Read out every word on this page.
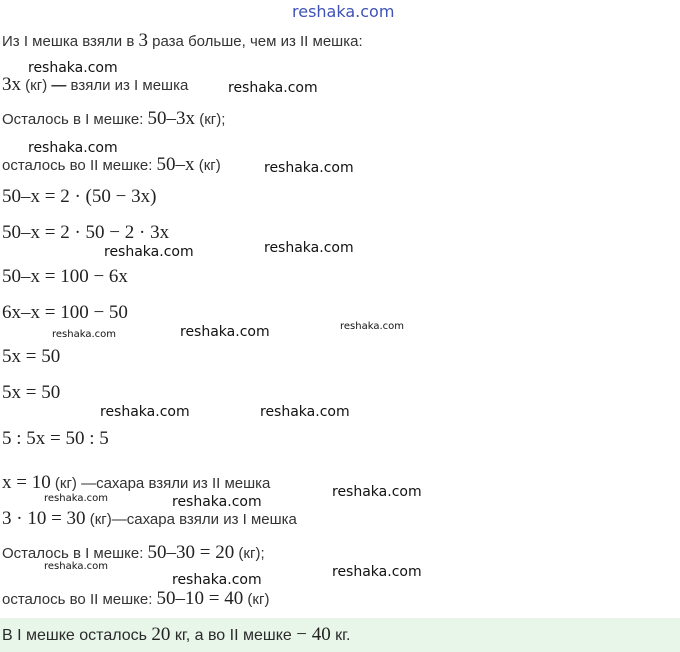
reshaka.com
Из I мешка взяли в 3 раза больше, чем из II мешка:
3x (кг) — взяли из I мешка
Осталось в I мешке: 50–3x (кг);
осталось во II мешке: 50–x (кг)
50–x = 2 · (50 − 3x)
50–x = 2 · 50 − 2 · 3x
50–x = 100 − 6x
6x–x = 100 − 50
5x = 50
5x = 50
5 : 5x = 50 : 5
x = 10 (кг) —сахара взяли из II мешка
3 · 10 = 30 (кг)—сахара взяли из I мешка
Осталось в I мешке: 50–30 = 20 (кг);
осталось во II мешке: 50–10 = 40 (кг)
В I мешке осталось 20 кг, а во II мешке − 40 кг.
reshaka.com
reshaka.com
reshaka.com
reshaka.com
reshaka.com
reshaka.com
reshaka.com	reshaka.com	reshaka.com
reshaka.com	reshaka.com
reshaka.com	reshaka.com
reshaka.com
reshaka.com
reshaka.com	reshaka.com
